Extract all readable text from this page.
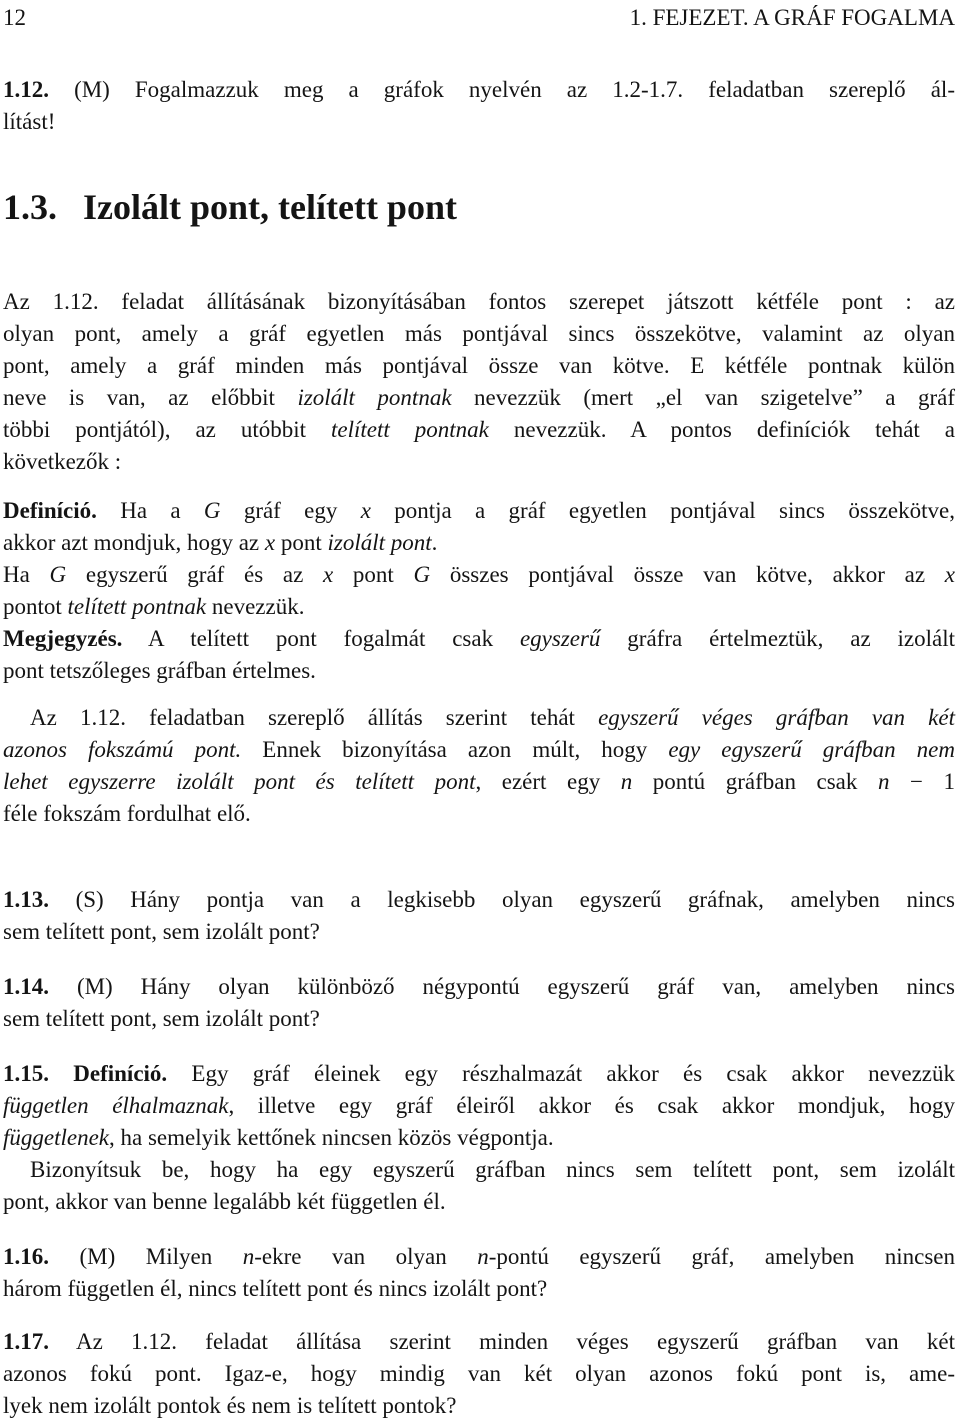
12	1. FEJEZET. A GRÁF FOGALMA
1.12. (M) Fogalmazzuk meg a gráfok nyelvén az 1.2-1.7. feladatban szereplő ál-
lítást!
1.3. Izolált pont, telített pont
Az 1.12. feladat állításának bizonyításában fontos szerepet játszott kétféle pont : az
olyan pont, amely a gráf egyetlen más pontjával sincs összekötve, valamint az olyan
pont, amely a gráf minden más pontjával össze van kötve. E kétféle pontnak külön
neve is van, az előbbit izolált pontnak nevezzük (mert „el van szigetelve” a gráf
többi pontjától), az utóbbit telített pontnak nevezzük. A pontos definíciók tehát a
következők :
Definíció. Ha a G gráf egy x pontja a gráf egyetlen pontjával sincs összekötve,
akkor azt mondjuk, hogy az x pont izolált pont.
Ha G egyszerű gráf és az x pont G összes pontjával össze van kötve, akkor az x
pontot telített pontnak nevezzük.
Megjegyzés. A telített pont fogalmát csak egyszerű gráfra értelmeztük, az izolált
pont tetszőleges gráfban értelmes.
Az 1.12. feladatban szereplő állítás szerint tehát egyszerű véges gráfban van két
azonos fokszámú pont. Ennek bizonyítása azon múlt, hogy egy egyszerű gráfban nem
lehet egyszerre izolált pont és telített pont, ezért egy n pontú gráfban csak n − 1
féle fokszám fordulhat elő.
1.13. (S) Hány pontja van a legkisebb olyan egyszerű gráfnak, amelyben nincs
sem telített pont, sem izolált pont?
1.14. (M) Hány olyan különböző négypontú egyszerű gráf van, amelyben nincs
sem telített pont, sem izolált pont?
1.15. Definíció. Egy gráf éleinek egy részhalmazát akkor és csak akkor nevezzük
független élhalmaznak, illetve egy gráf éleiről akkor és csak akkor mondjuk, hogy
függetlenek, ha semelyik kettőnek nincsen közös végpontja.
Bizonyítsuk be, hogy ha egy egyszerű gráfban nincs sem telített pont, sem izolált
pont, akkor van benne legalább két független él.
1.16. (M) Milyen n-ekre van olyan n-pontú egyszerű gráf, amelyben nincsen
három független él, nincs telített pont és nincs izolált pont?
1.17. Az 1.12. feladat állítása szerint minden véges egyszerű gráfban van két
azonos fokú pont. Igaz-e, hogy mindig van két olyan azonos fokú pont is, ame-
lyek nem izolált pontok és nem is telített pontok?
